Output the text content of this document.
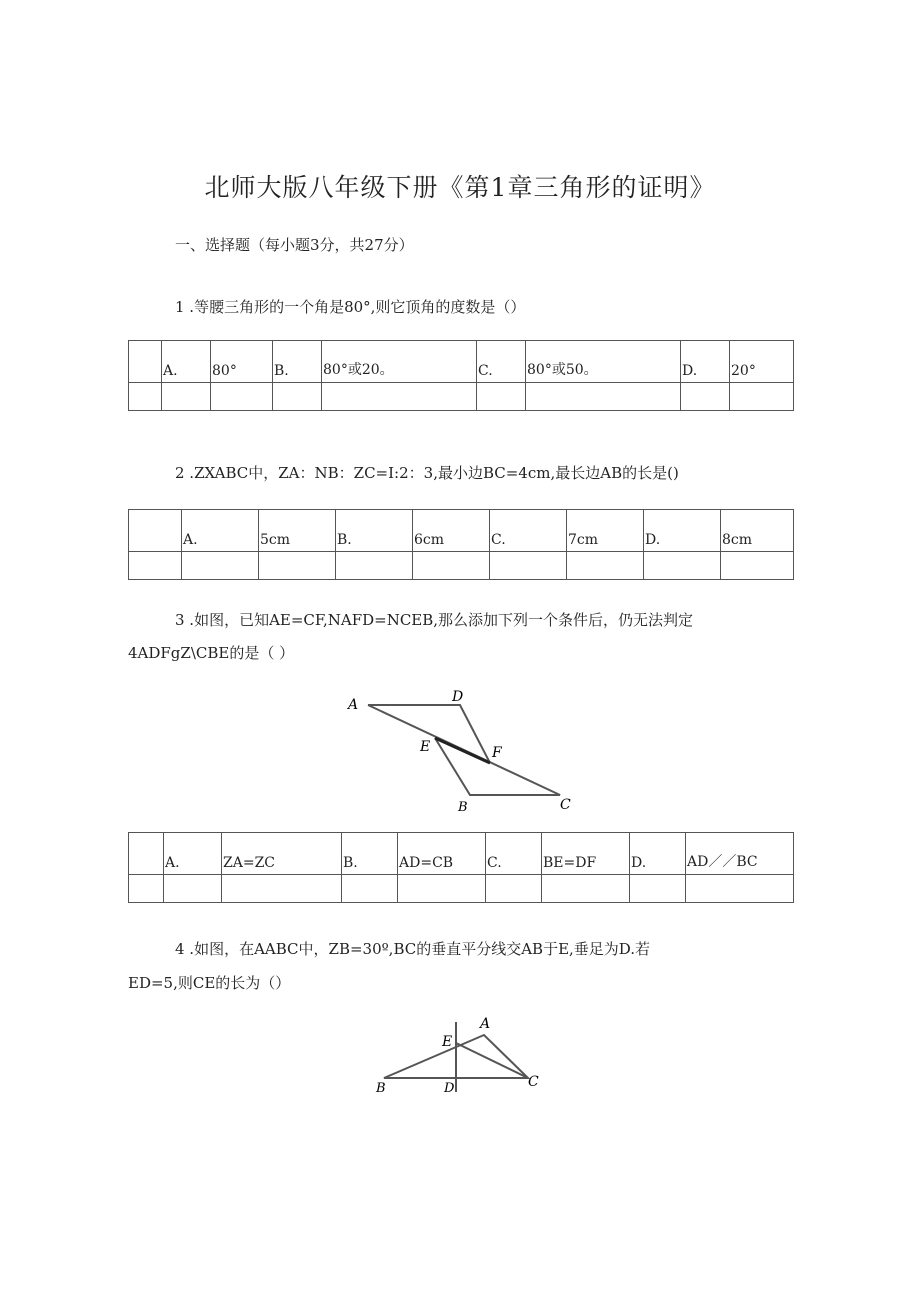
北师大版八年级下册《第1章三角形的证明》
一、选择题（每小题3分，共27分）
1 .等腰三角形的一个角是80°,则它顶角的度数是（）
	A.	80°	B.	80°或20。	C.	80°或50。	D.	20°

2 .ZXABC中，ZA：NB：ZC=I:2：3,最小边BC=4cm,最长边AB的长是()
	A.	5cm	B.	6cm	C.	7cm	D.	8cm

3 .如图，已知AE=CF,NAFD=NCEB,那么添加下列一个条件后，仍无法判定
4ADFgZ\CBE的是（ ）
A	D
E	F
B	C
	A.	ZA=ZC	B.	AD=CB	C.	BE=DF	D.	AD／／BC

4 .如图，在AABC中，ZB=30º,BC的垂直平分线交AB于E,垂足为D.若
ED=5,则CE的长为（）
A
E
B	D	C
